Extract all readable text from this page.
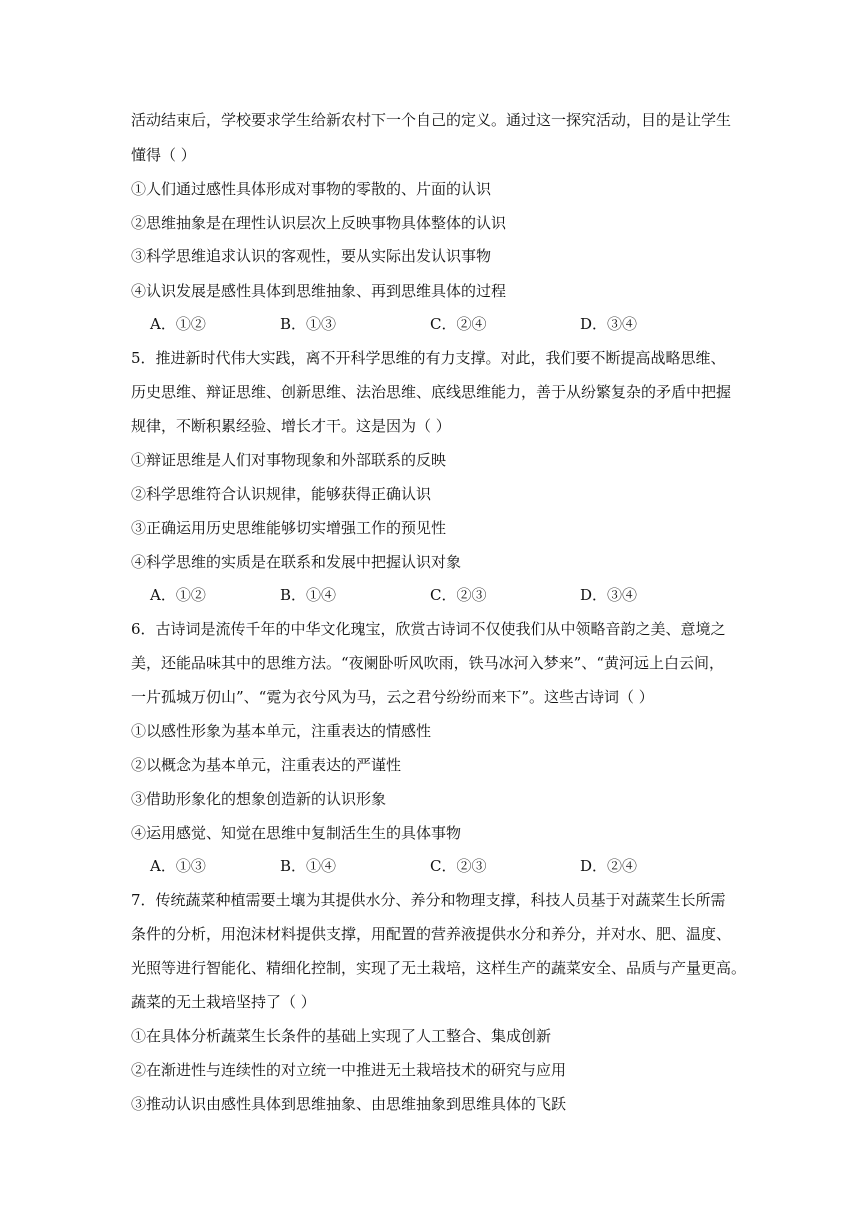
活动结束后，学校要求学生给新农村下一个自己的定义。通过这一探究活动，目的是让学生
懂得（ ）
①人们通过感性具体形成对事物的零散的、片面的认识
②思维抽象是在理性认识层次上反映事物具体整体的认识
③科学思维追求认识的客观性，要从实际出发认识事物
④认识发展是感性具体到思维抽象、再到思维具体的过程
A．①②	B．①③	C．②④	D．③④
5．推进新时代伟大实践，离不开科学思维的有力支撑。对此，我们要不断提高战略思维、
历史思维、辩证思维、创新思维、法治思维、底线思维能力，善于从纷繁复杂的矛盾中把握
规律，不断积累经验、增长才干。这是因为（ ）
①辩证思维是人们对事物现象和外部联系的反映
②科学思维符合认识规律，能够获得正确认识
③正确运用历史思维能够切实增强工作的预见性
④科学思维的实质是在联系和发展中把握认识对象
A．①②	B．①④	C．②③	D．③④
6．古诗词是流传千年的中华文化瑰宝，欣赏古诗词不仅使我们从中领略音韵之美、意境之
美，还能品味其中的思维方法。“夜阑卧听风吹雨，铁马冰河入梦来”、“黄河远上白云间，
一片孤城万仞山”、“霓为衣兮风为马，云之君兮纷纷而来下”。这些古诗词（ ）
①以感性形象为基本单元，注重表达的情感性
②以概念为基本单元，注重表达的严谨性
③借助形象化的想象创造新的认识形象
④运用感觉、知觉在思维中复制活生生的具体事物
A．①③	B．①④	C．②③	D．②④
7．传统蔬菜种植需要土壤为其提供水分、养分和物理支撑，科技人员基于对蔬菜生长所需
条件的分析，用泡沫材料提供支撑，用配置的营养液提供水分和养分，并对水、肥、温度、
光照等进行智能化、精细化控制，实现了无土栽培，这样生产的蔬菜安全、品质与产量更高。
蔬菜的无土栽培坚持了（ ）
①在具体分析蔬菜生长条件的基础上实现了人工整合、集成创新
②在渐进性与连续性的对立统一中推进无土栽培技术的研究与应用
③推动认识由感性具体到思维抽象、由思维抽象到思维具体的飞跃
